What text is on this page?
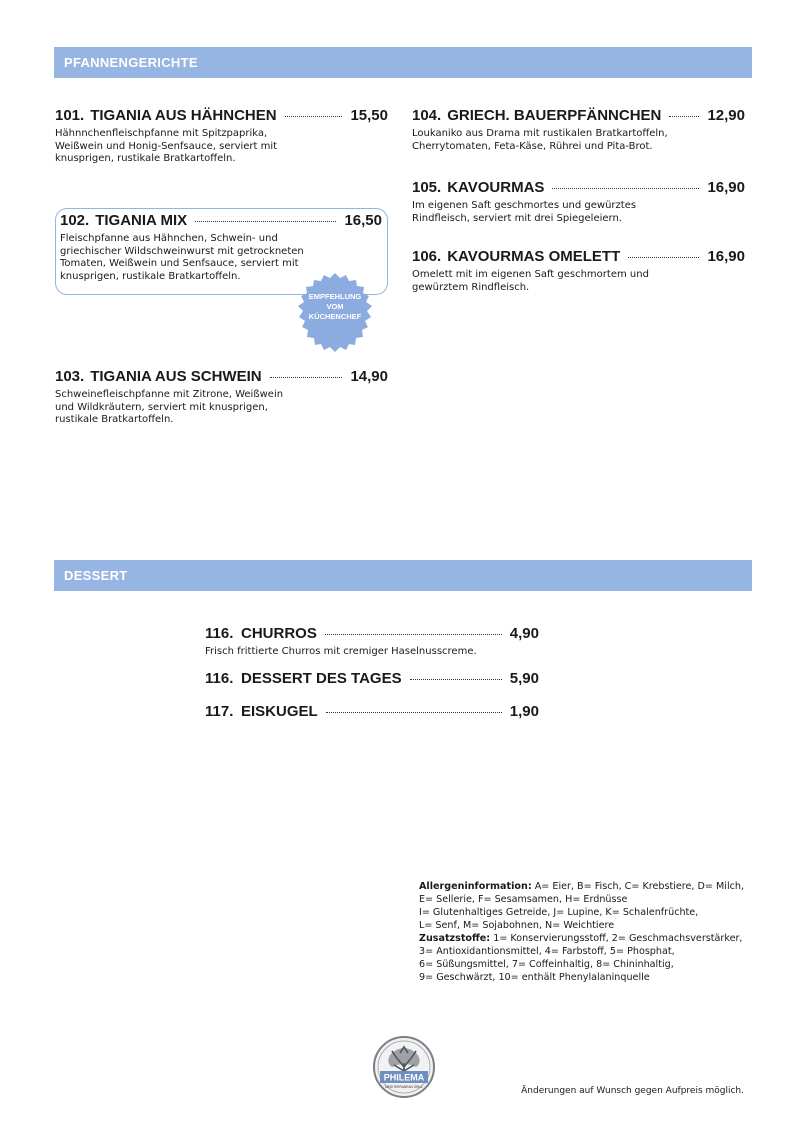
PFANNENGERICHTE
101. TIGANIA AUS HÄHNCHEN	15,50
Hähnnchenfleischpfanne mit Spitzpaprika, Weißwein und Honig-Senfsauce, serviert mit knusprigen, rustikale Bratkartoffeln.
102. TIGANIA MIX	16,50
Fleischpfanne aus Hähnchen, Schwein- und griechischer Wildschweinwurst mit getrockneten Tomaten, Weißwein und Senfsauce, serviert mit knusprigen, rustikale Bratkartoffeln.
EMPFEHLUNG
VOM
KÜCHENCHEF
103. TIGANIA AUS SCHWEIN	14,90
Schweinefleischpfanne mit Zitrone, Weißwein und Wildkräutern, serviert mit knusprigen, rustikale Bratkartoffeln.
104. GRIECH. BAUERPFÄNNCHEN	12,90
Loukaniko aus Drama mit rustikalen Bratkartoffeln, Cherrytomaten, Feta-Käse, Rührei und Pita-Brot.
105. KAVOURMAS	16,90
Im eigenen Saft geschmortes und gewürztes Rindfleisch, serviert mit drei Spiegeleiern.
106. KAVOURMAS OMELETT	16,90
Omelett mit im eigenen Saft geschmortem und gewürztem Rindfleisch.
DESSERT
116. CHURROS	4,90
Frisch frittierte Churros mit cremiger Haselnusscreme.
116. DESSERT DES TAGES	5,90
117. EISKUGEL	1,90
Allergeninformation: A= Eier, B= Fisch, C= Krebstiere, D= Milch,
E= Sellerie, F= Sesamsamen, H= Erdnüsse
I= Glutenhaltiges Getreide, J= Lupine, K= Schalenfrüchte,
L= Senf, M= Sojabohnen, N= Weichtiere
Zusatzstoffe: 1= Konservierungsstoff, 2= Geschmachsverstärker,
3= Antioxidantionsmittel, 4= Farbstoff, 5= Phosphat,
6= Süßungsmittel, 7= Coffeinhaltig, 8= Chininhaltig,
9= Geschwärzt, 10= enthält Phenylalaninquelle
PHILEMA
MEDITERRANEAN GRILL	Änderungen auf Wunsch gegen Aufpreis möglich.
